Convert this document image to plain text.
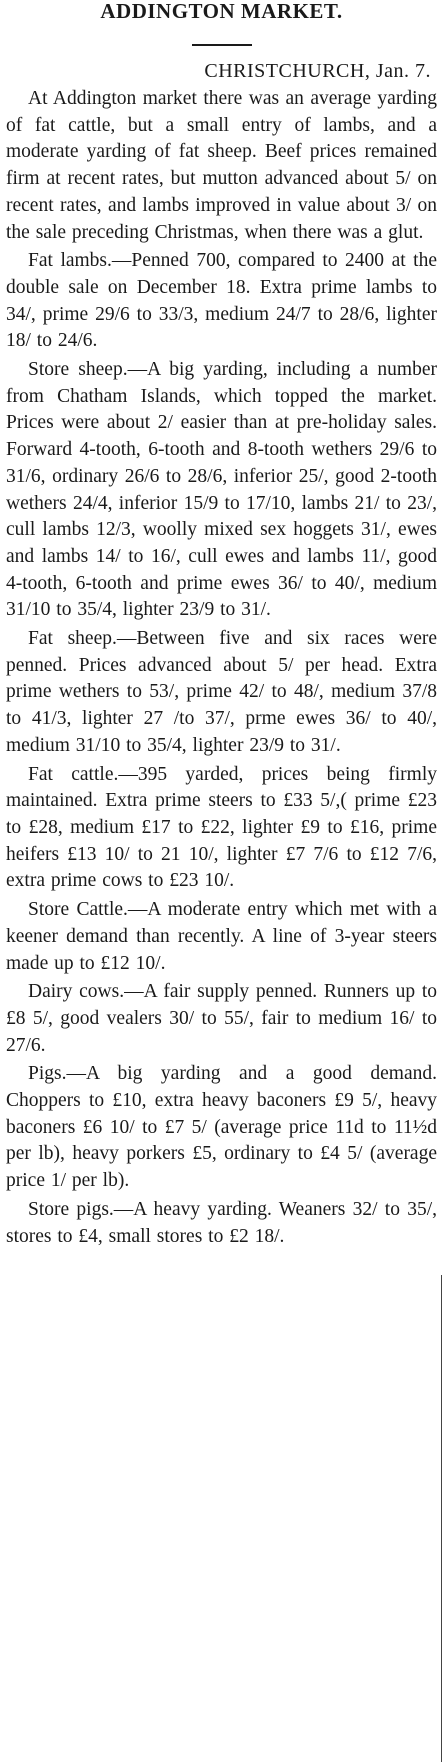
ADDINGTON MARKET.

CHRISTCHURCH, Jan. 7.

At Addington market there was an average yarding of fat cattle, but a small entry of lambs, and a moderate yarding of fat sheep. Beef prices remained firm at recent rates, but mutton advanced about 5/ on recent rates, and lambs improved in value about 3/ on the sale preceding Christmas, when there was a glut.

Fat lambs.—Penned 700, compared to 2400 at the double sale on December 18. Extra prime lambs to 34/, prime 29/6 to 33/3, medium 24/7 to 28/6, lighter 18/ to 24/6.

Store sheep.—A big yarding, including a number from Chatham Islands, which topped the market. Prices were about 2/ easier than at pre-holiday sales. Forward 4-tooth, 6-tooth and 8-tooth wethers 29/6 to 31/6, ordinary 26/6 to 28/6, inferior 25/, good 2-tooth wethers 24/4, inferior 15/9 to 17/10, lambs 21/ to 23/, cull lambs 12/3, woolly mixed sex hoggets 31/, ewes and lambs 14/ to 16/, cull ewes and lambs 11/, good 4-tooth, 6-tooth and prime ewes 36/ to 40/, medium 31/10 to 35/4, lighter 23/9 to 31/.

Fat sheep.—Between five and six races were penned. Prices advanced about 5/ per head. Extra prime wethers to 53/, prime 42/ to 48/, medium 37/8 to 41/3, lighter 27 /to 37/, prme ewes 36/ to 40/, medium 31/10 to 35/4, lighter 23/9 to 31/.

Fat cattle.—395 yarded, prices being firmly maintained. Extra prime steers to £33 5/,( prime £23 to £28, medium £17 to £22, lighter £9 to £16, prime heifers £13 10/ to 21 10/, lighter £7 7/6 to £12 7/6, extra prime cows to £23 10/.

Store Cattle.—A moderate entry which met with a keener demand than recently. A line of 3-year steers made up to £12 10/.

Dairy cows.—A fair supply penned. Runners up to £8 5/, good vealers 30/ to 55/, fair to medium 16/ to 27/6.

Pigs.—A big yarding and a good demand. Choppers to £10, extra heavy baconers £9 5/, heavy baconers £6 10/ to £7 5/ (average price 11d to 11½d per lb), heavy porkers £5, ordinary to £4 5/ (average price 1/ per lb).

Store pigs.—A heavy yarding. Weaners 32/ to 35/, stores to £4, small stores to £2 18/.
